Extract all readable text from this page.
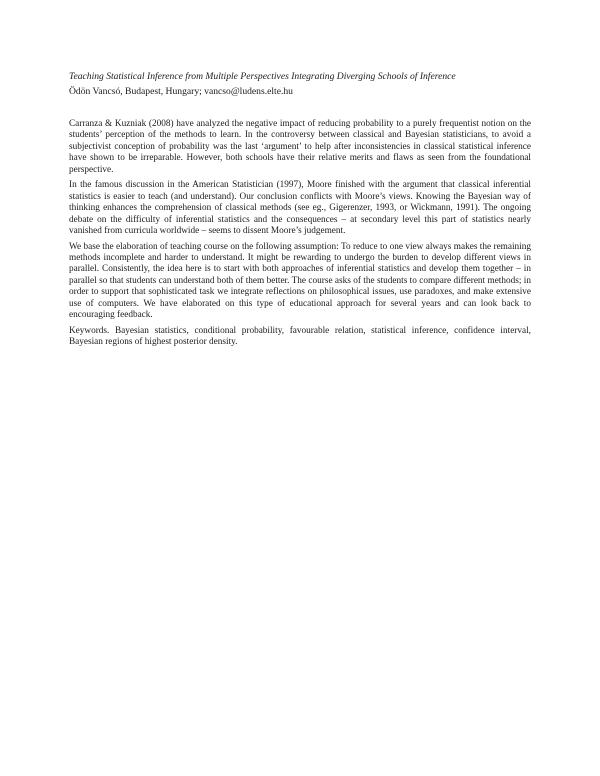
Teaching Statistical Inference from Multiple Perspectives Integrating Diverging Schools of Inference

Ödön Vancsó, Budapest, Hungary; vancso@ludens.elte.hu

Carranza & Kuzniak (2008) have analyzed the negative impact of reducing probability to a purely frequentist notion on the students’ perception of the methods to learn. In the controversy between classical and Bayesian statisticians, to avoid a subjectivist conception of probability was the last ‘argument’ to help after inconsistencies in classical statistical inference have shown to be irreparable. However, both schools have their relative merits and flaws as seen from the foundational perspective.

In the famous discussion in the American Statistician (1997), Moore finished with the argument that classical inferential statistics is easier to teach (and understand). Our conclusion conflicts with Moore’s views. Knowing the Bayesian way of thinking enhances the comprehension of classical methods (see eg., Gigerenzer, 1993, or Wickmann, 1991). The ongoing debate on the difficulty of inferential statistics and the consequences – at secondary level this part of statistics nearly vanished from curricula worldwide – seems to dissent Moore’s judgement.

We base the elaboration of teaching course on the following assumption: To reduce to one view always makes the remaining methods incomplete and harder to understand. It might be rewarding to undergo the burden to develop different views in parallel. Consistently, the idea here is to start with both approaches of inferential statistics and develop them together – in parallel so that students can understand both of them better. The course asks of the students to compare different methods; in order to support that sophisticated task we integrate reflections on philosophical issues, use paradoxes, and make extensive use of computers. We have elaborated on this type of educational approach for several years and can look back to encouraging feedback.

Keywords. Bayesian statistics, conditional probability, favourable relation, statistical inference, confidence interval, Bayesian regions of highest posterior density.
